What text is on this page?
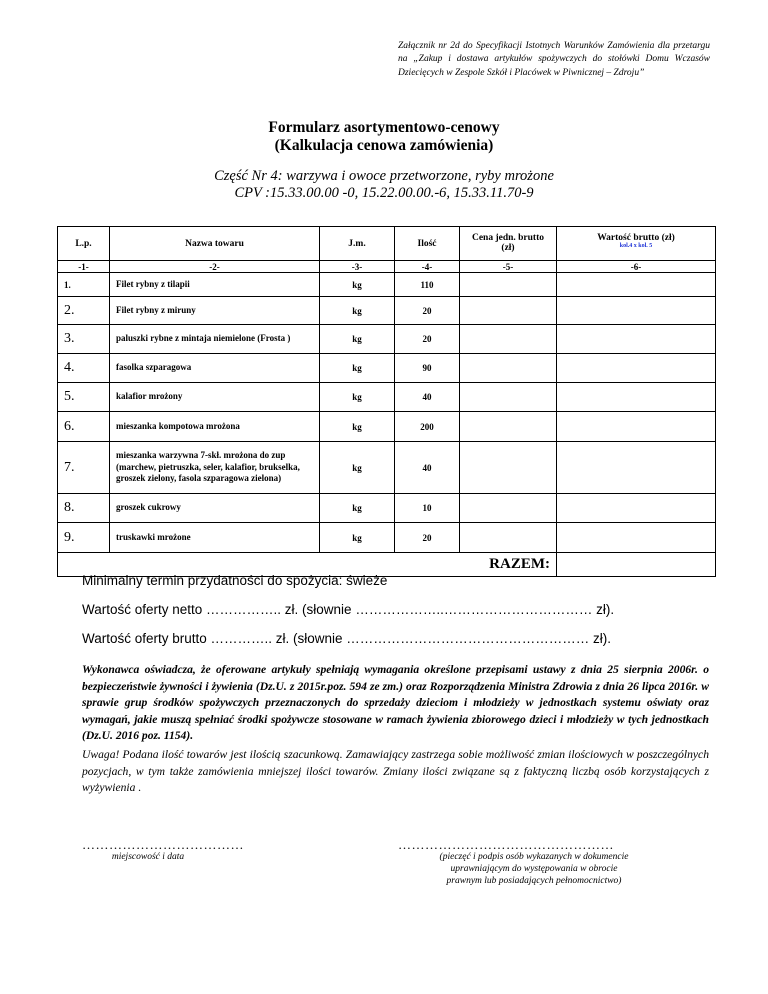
Załącznik nr 2d do Specyfikacji Istotnych Warunków Zamówienia dla przetargu na „Zakup i dostawa artykułów spożywczych do stołówki Domu Wczasów Dziecięcych w Zespole Szkół i Placówek w Piwnicznej – Zdroju”
Formularz asortymentowo-cenowy
(Kalkulacja cenowa zamówienia)
Część Nr 4: warzywa i owoce przetworzone, ryby mrożone
CPV :15.33.00.00 -0, 15.22.00.00.-6, 15.33.11.70-9
L.p.	Nazwa towaru	J.m.	Ilość	Cena jedn. brutto (zł)	Wartość brutto (zł)
kol.4 x kol. 5

-1-	-2-	-3-	-4-	-5-	-6-
1.	Filet rybny z tilapii	kg	110		
2.	Filet rybny z miruny	kg	20		
3.	paluszki rybne z mintaja niemielone (Frosta )	kg	20		
4.	fasolka szparagowa	kg	90		
5.	kalafior mrożony	kg	40		
6.	mieszanka kompotowa mrożona	kg	200		
7.	mieszanka warzywna 7-skł. mrożona do zup (marchew, pietruszka, seler, kalafior, brukselka, groszek zielony, fasola szparagowa zielona)	kg	40		
8.	groszek cukrowy	kg	10		
9.	truskawki mrożone	kg	20		
RAZEM:					
Minimalny termin przydatności do spożycia: świeże
Wartość oferty netto …………….. zł. (słownie ………………..…………………………… zł).
Wartość oferty brutto ………….. zł. (słownie ……………………………………………… zł).
Wykonawca oświadcza, że oferowane artykuły spełniają wymagania określone przepisami ustawy z dnia 25 sierpnia 2006r. o bezpieczeństwie żywności i żywienia (Dz.U. z 2015r.poz. 594 ze zm.) oraz Rozporządzenia Ministra Zdrowia z dnia 26 lipca 2016r. w sprawie grup środków spożywczych przeznaczonych do sprzedaży dzieciom i młodzieży w jednostkach systemu oświaty oraz wymagań, jakie muszą spełniać środki spożywcze stosowane w ramach żywienia zbiorowego dzieci i młodzieży w tych jednostkach (Dz.U. 2016 poz. 1154).
Uwaga! Podana ilość towarów jest ilością szacunkową. Zamawiający zastrzega sobie możliwość zmian ilościowych w poszczególnych pozycjach, w tym także zamówienia mniejszej ilości towarów. Zmiany ilości związane są z faktyczną liczbą osób korzystających z wyżywienia .
………………………………
miejscowość i data
…………………………………………
(pieczęć i podpis osób wykazanych w dokumencie
uprawniającym do występowania w obrocie
prawnym lub posiadających pełnomocnictwo)
